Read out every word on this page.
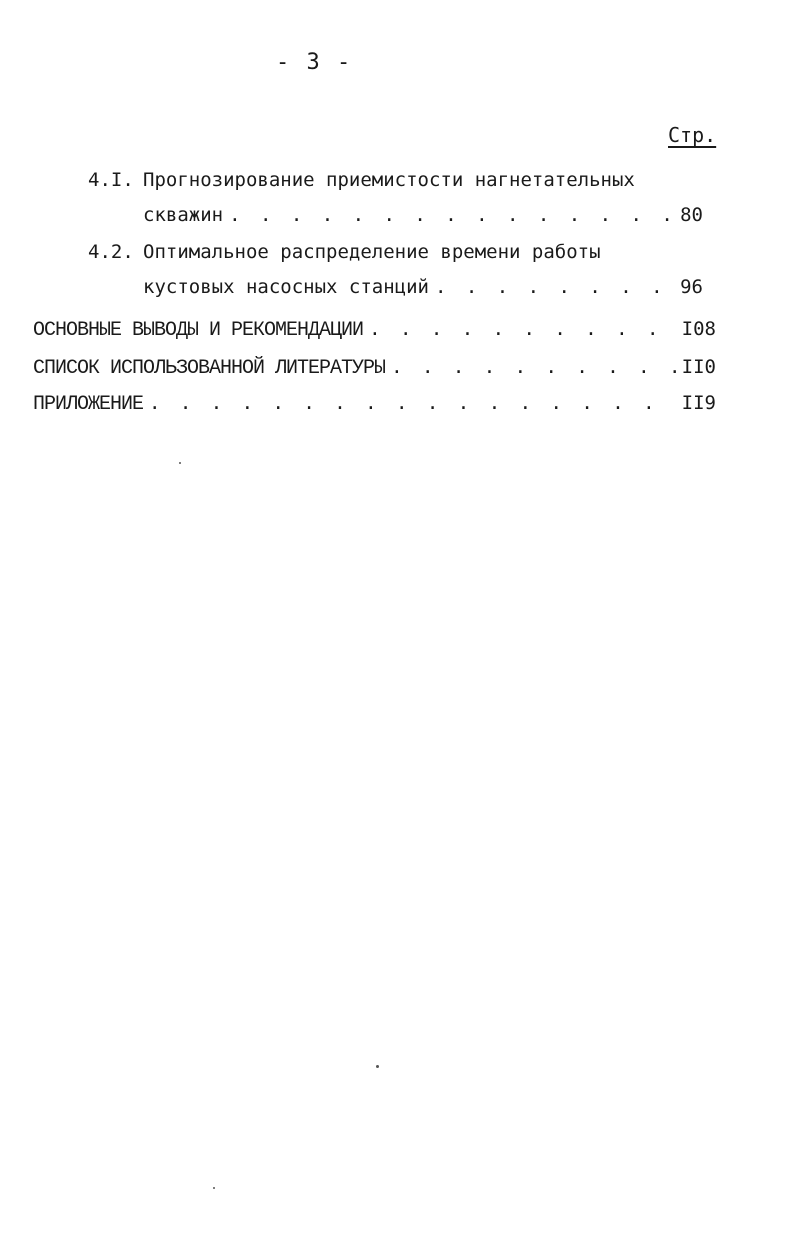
- 3 -
Стр.
4.I. Прогнозирование приемистости нагнетательных
скважин . . .	80
4.2. Оптимальное распределение времени работы
кустовых насосных станций . . .	96
ОСНОВНЫЕ ВЫВОДЫ И РЕКОМЕНДАЦИИ . . .	I08
СПИСОК ИСПОЛЬЗОВАННОЙ ЛИТЕРАТУРЫ . . .	II0
ПРИЛОЖЕНИЕ . . .	II9
